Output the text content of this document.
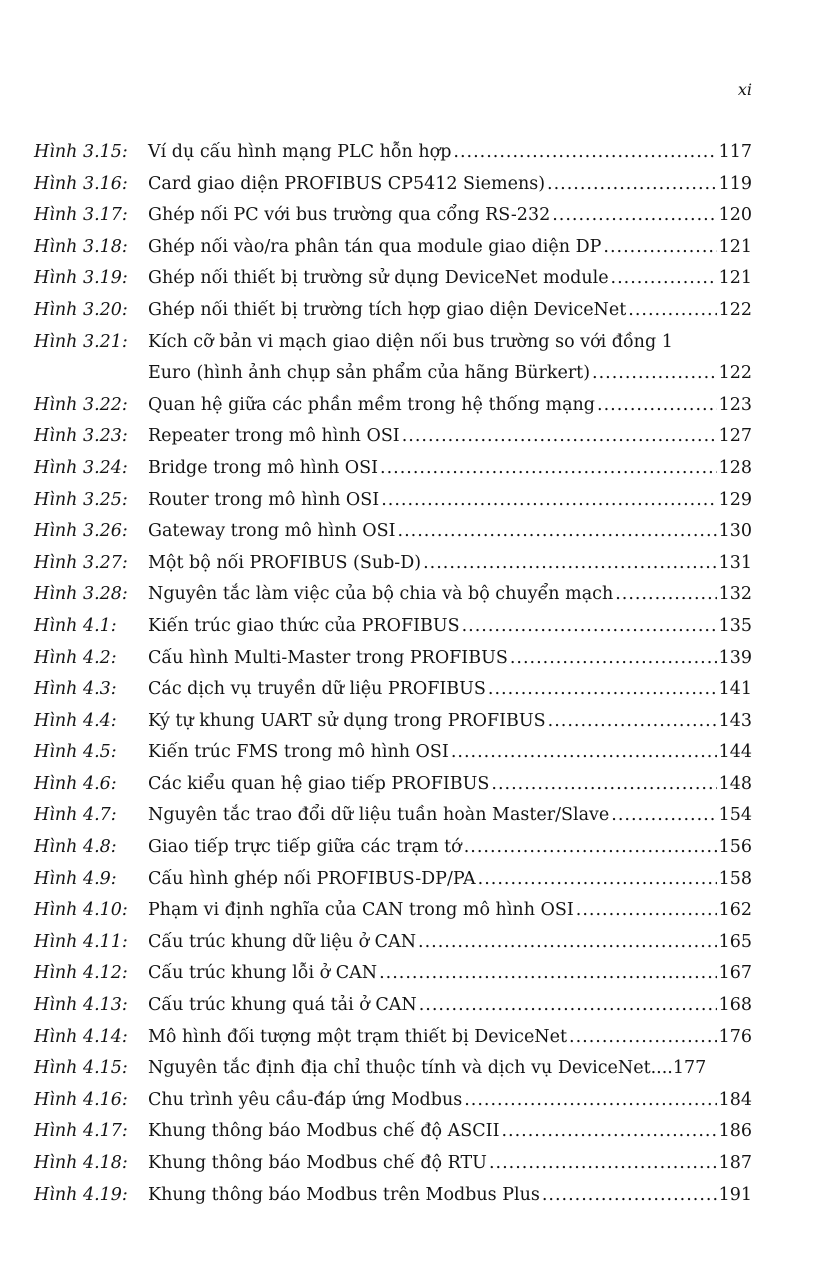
xi
Hình 3.15:	Ví dụ cấu hình mạng PLC hỗn hợp .....	117
Hình 3.16:	Card giao diện PROFIBUS CP5412 Siemens) .....	119
Hình 3.17:	Ghép nối PC với bus trường qua cổng RS-232 .....	120
Hình 3.18:	Ghép nối vào/ra phân tán qua module giao diện DP .....	121
Hình 3.19:	Ghép nối thiết bị trường sử dụng DeviceNet module .....	121
Hình 3.20:	Ghép nối thiết bị trường tích hợp giao diện DeviceNet .....	122
Hình 3.21:	Kích cỡ bản vi mạch giao diện nối bus trường so với đồng 1
Euro (hình ảnh chụp sản phẩm của hãng Bürkert) .....	122
Hình 3.22:	Quan hệ giữa các phần mềm trong hệ thống mạng .....	123
Hình 3.23:	Repeater trong mô hình OSI .....	127
Hình 3.24:	Bridge trong mô hình OSI .....	128
Hình 3.25:	Router trong mô hình OSI .....	129
Hình 3.26:	Gateway trong mô hình OSI .....	130
Hình 3.27:	Một bộ nối PROFIBUS (Sub-D) .....	131
Hình 3.28:	Nguyên tắc làm việc của bộ chia và bộ chuyển mạch .....	132
Hình 4.1:	Kiến trúc giao thức của PROFIBUS .....	135
Hình 4.2:	Cấu hình Multi-Master trong PROFIBUS .....	139
Hình 4.3:	Các dịch vụ truyền dữ liệu PROFIBUS .....	141
Hình 4.4:	Ký tự khung UART sử dụng trong PROFIBUS .....	143
Hình 4.5:	Kiến trúc FMS trong mô hình OSI .....	144
Hình 4.6:	Các kiểu quan hệ giao tiếp PROFIBUS .....	148
Hình 4.7:	Nguyên tắc trao đổi dữ liệu tuần hoàn Master/Slave .....	154
Hình 4.8:	Giao tiếp trực tiếp giữa các trạm tớ .....	156
Hình 4.9:	Cấu hình ghép nối PROFIBUS-DP/PA .....	158
Hình 4.10:	Phạm vi định nghĩa của CAN trong mô hình OSI .....	162
Hình 4.11:	Cấu trúc khung dữ liệu ở CAN .....	165
Hình 4.12:	Cấu trúc khung lỗi ở CAN .....	167
Hình 4.13:	Cấu trúc khung quá tải ở CAN .....	168
Hình 4.14:	Mô hình đối tượng một trạm thiết bị DeviceNet .....	176
Hình 4.15:	Nguyên tắc định địa chỉ thuộc tính và dịch vụ DeviceNet.... 177
Hình 4.16:	Chu trình yêu cầu-đáp ứng Modbus .....	184
Hình 4.17:	Khung thông báo Modbus chế độ ASCII .....	186
Hình 4.18:	Khung thông báo Modbus chế độ RTU .....	187
Hình 4.19:	Khung thông báo Modbus trên Modbus Plus .....	191
